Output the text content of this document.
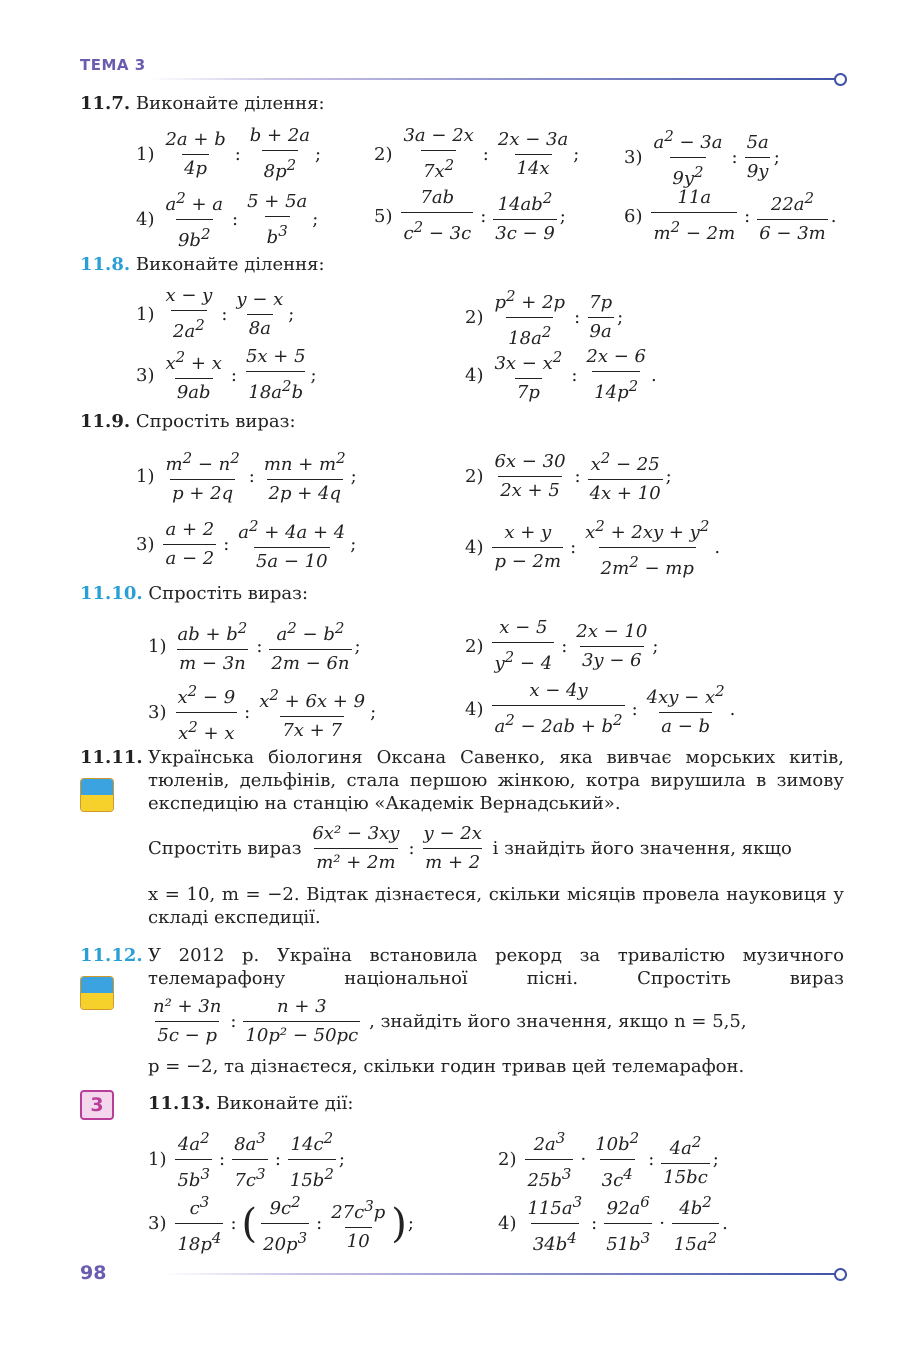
ТЕМА 3
11.7. Виконайте ділення:
$1) \frac{2a + b}{4p}$ : $\frac{b + 2a}{8p^2}$ ;	$2) \frac{3a - 2x}{7x^2}$ : $\frac{2x - 3a}{14x}$ ; $3) \frac{a^2 - 3a}{9y^2}$ : $\frac{5a}{9y}$ ;
$4) \frac{a^2 + a}{9b^2}$ : $\frac{5 + 5a}{b^3}$ ;	$5) \frac{7ab}{c^2 - 3c}$ : $\frac{14ab^2}{3c - 9}$ ;	$6) \frac{11a}{m^2 - 2m}$ : $\frac{22a^2}{6 - 3m}$ .
11.8. Виконайте ділення:
$1) \frac{x - y}{2a^2}$ : $\frac{y - x}{8a}$ ;	$2) \frac{p^2 + 2p}{18a^2}$ : $\frac{7p}{9a}$ ;
$3) \frac{x^2 + x}{9ab}$ : $\frac{5x + 5}{18a^2b}$ ;	$4) \frac{3x - x^2}{7p}$ : $\frac{2x - 6}{14p^2}$ .
11.9. Спростіть вираз:
$1) \frac{m^2 - n^2}{p + 2q}$ : $\frac{mn + m^2}{2p + 4q}$ ;	$2) \frac{6x - 30}{2x + 5}$ : $\frac{x^2 - 25}{4x + 10}$ ;
$3) \frac{a + 2}{a - 2}$ : $\frac{a^2 + 4a + 4}{5a - 10}$ ;	$4) \frac{x + y}{p - 2m}$ : $\frac{x^2 + 2xy + y^2}{2m^2 - mp}$ .
11.10. Спростіть вираз:
$1) \frac{ab + b^2}{m - 3n}$ : $\frac{a^2 - b^2}{2m - 6n}$ ;	$2) \frac{x - 5}{y^2 - 4}$ : $\frac{2x - 10}{3y - 6}$ ;
$3) \frac{x^2 - 9}{x^2 + x}$ : $\frac{x^2 + 6x + 9}{7x + 7}$ ;	$4) \frac{x - 4y}{a^2 - 2ab + b^2}$ : $\frac{4xy - x^2}{a - b}$ .
11.11. Українська біологиня Оксана Савенко, яка вивчає морських китів, тюленів, дельфінів, стала першою жінкою, котра вирушила в зимову експедицію на станцію «Академік Вернадський».
Спростіть вираз
$\frac{\text{6x² − 3xy}}{\text{m² + 2m}}$ : $\frac{y - 2x}{m + 2}$
і знайдіть його значення, якщо
x = 10, m = −2. Відтак дізнаєтеся, скільки місяців провела науковиця у складі експедиції.
11.12. У 2012 р. Україна встановила рекорд за тривалістю музичного телемарафону національної пісні. Спростіть вираз
$\frac{\text{n² + 3n}}{5c - p}$ : $\frac{n + 3}{\text{10p² − 50pc}}$ , знайдіть його значення, якщо n = 5,5,
p = −2, та дізнаєтеся, скільки годин тривав цей телемарафон.
3	11.13. Виконайте дії:
$1) \frac{4a^2}{5b^3}$ : $\frac{8a^3}{7c^3}$ : $\frac{14c^2}{15b^2}$ ;	$2) \frac{2a^3}{25b^3} \cdot \frac{10b^2}{3c^4}$ : $\frac{4a^2}{15bc}$ ;
$3) \frac{c^3}{18p^4}$ : ( $\frac{9c^2}{20p^3}$ : $\frac{27c^3p}{10}$ ) ;	$4) \frac{115a^3}{34b^4}$ : $\frac{92a^6}{51b^3} \cdot \frac{4b^2}{15a^2}$ .
98
